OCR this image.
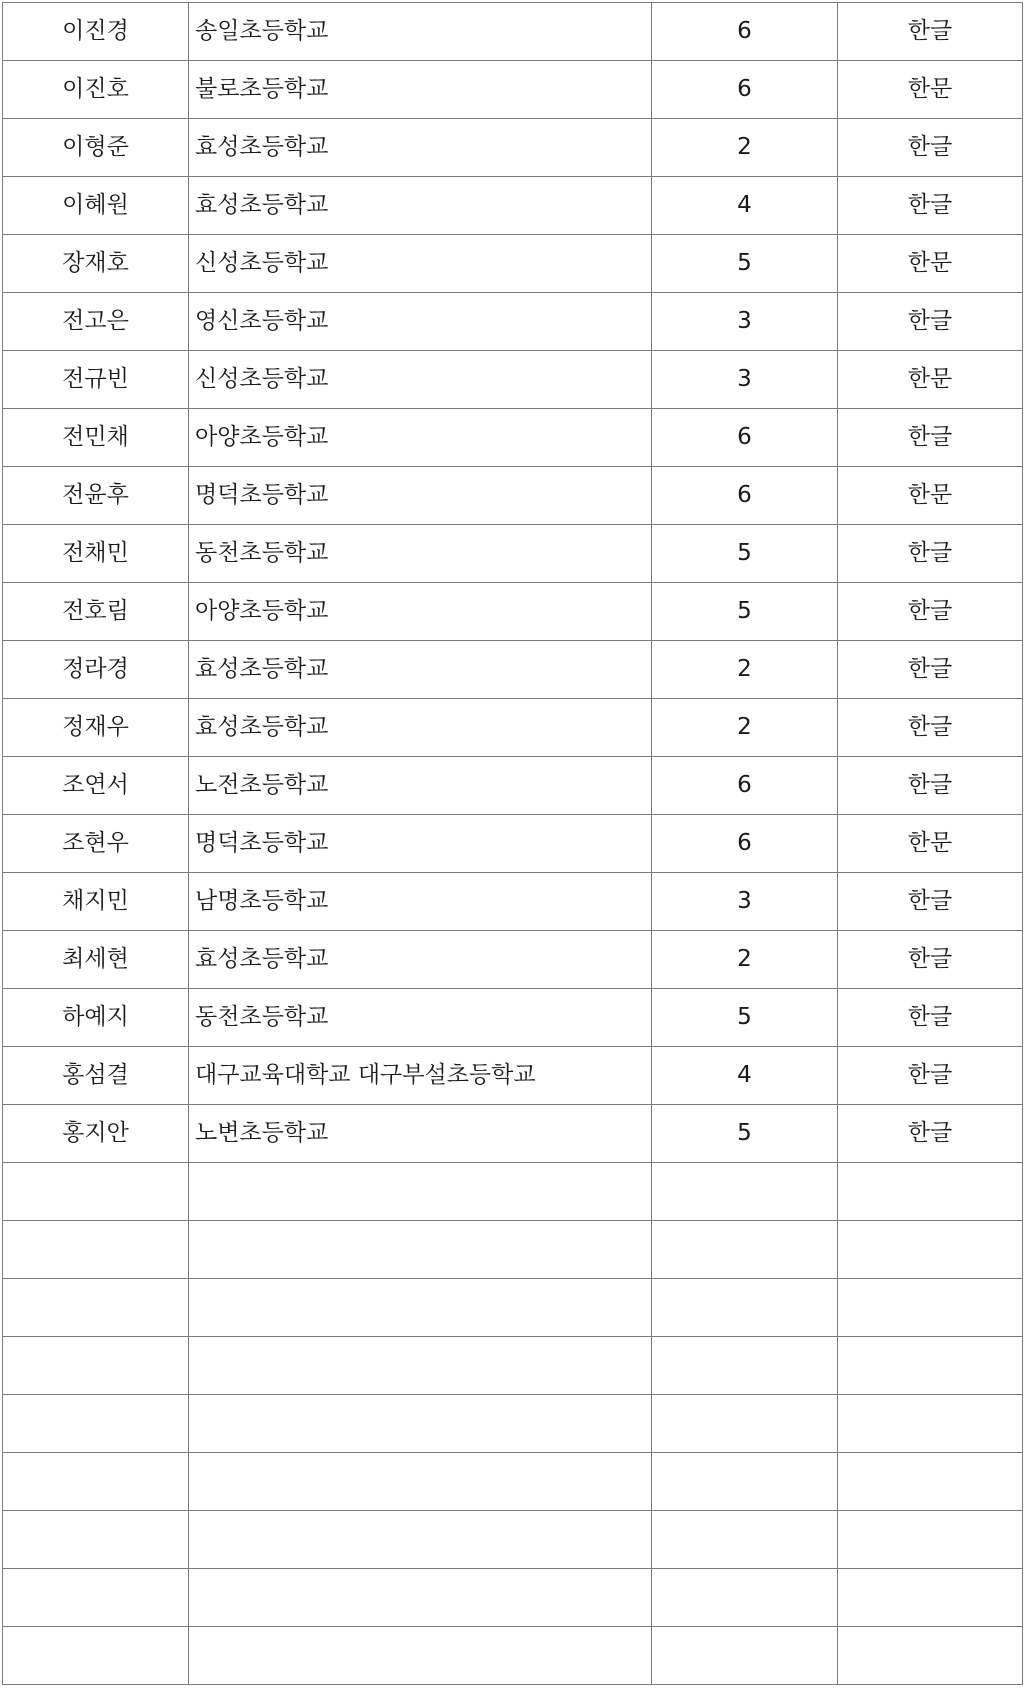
이진경	송일초등학교	6	한글
이진호	불로초등학교	6	한문
이형준	효성초등학교	2	한글
이혜원	효성초등학교	4	한글
장재호	신성초등학교	5	한문
전고은	영신초등학교	3	한글
전규빈	신성초등학교	3	한문
전민채	아양초등학교	6	한글
전윤후	명덕초등학교	6	한문
전채민	동천초등학교	5	한글
전호림	아양초등학교	5	한글
정라경	효성초등학교	2	한글
정재우	효성초등학교	2	한글
조연서	노전초등학교	6	한글
조현우	명덕초등학교	6	한문
채지민	남명초등학교	3	한글
최세현	효성초등학교	2	한글
하예지	동천초등학교	5	한글
홍섬결	대구교육대학교 대구부설초등학교	4	한글
홍지안	노변초등학교	5	한글
